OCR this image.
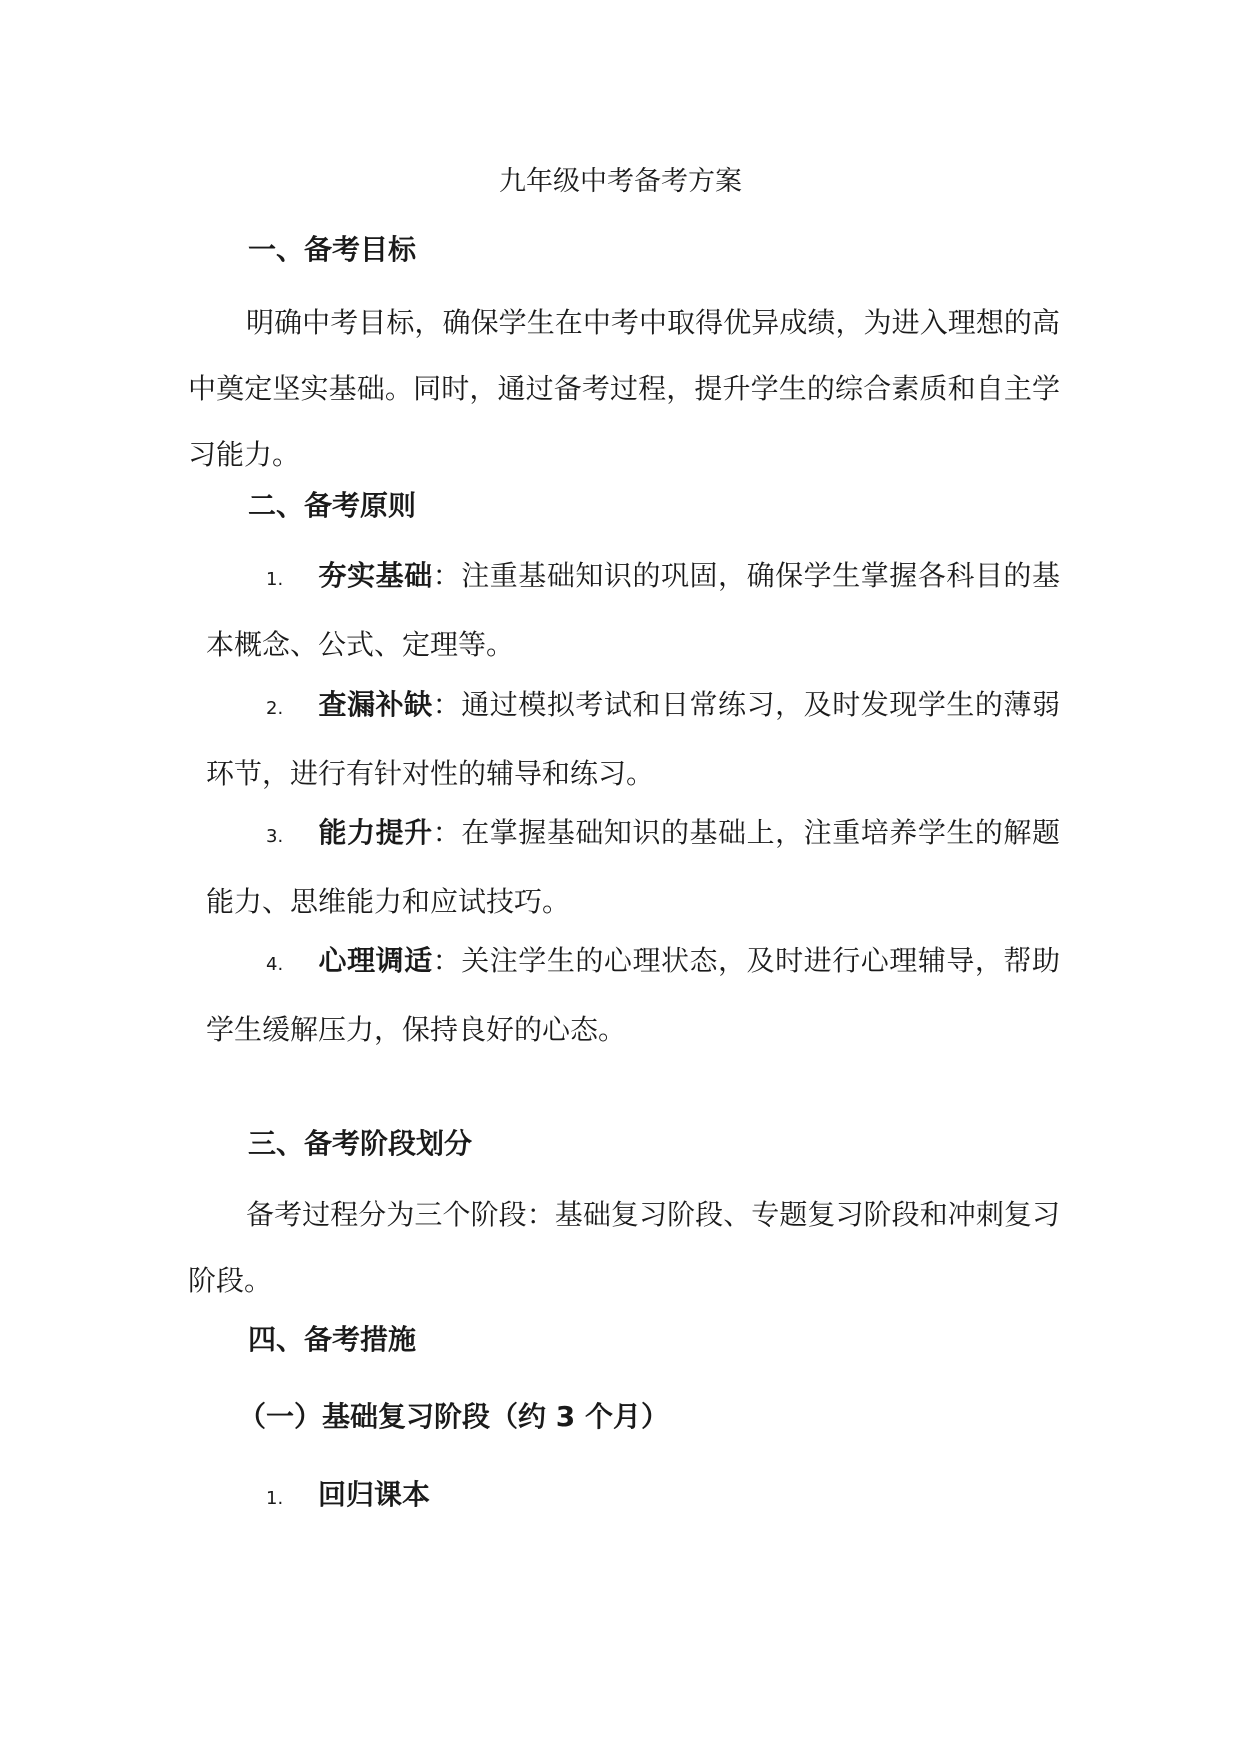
九年级中考备考方案
一、备考目标

明确中考目标，确保学生在中考中取得优异成绩，为进入理想的高中奠定坚实基础。同时，通过备考过程，提升学生的综合素质和自主学习能力。

二、备考原则

1. 夯实基础：注重基础知识的巩固，确保学生掌握各科目的基本概念、公式、定理等。

2. 查漏补缺：通过模拟考试和日常练习，及时发现学生的薄弱环节，进行有针对性的辅导和练习。

3. 能力提升：在掌握基础知识的基础上，注重培养学生的解题能力、思维能力和应试技巧。

4. 心理调适：关注学生的心理状态，及时进行心理辅导，帮助学生缓解压力，保持良好的心态。

三、备考阶段划分

备考过程分为三个阶段：基础复习阶段、专题复习阶段和冲刺复习阶段。

四、备考措施
（一）基础复习阶段（约 3 个月）

1. 回归课本
